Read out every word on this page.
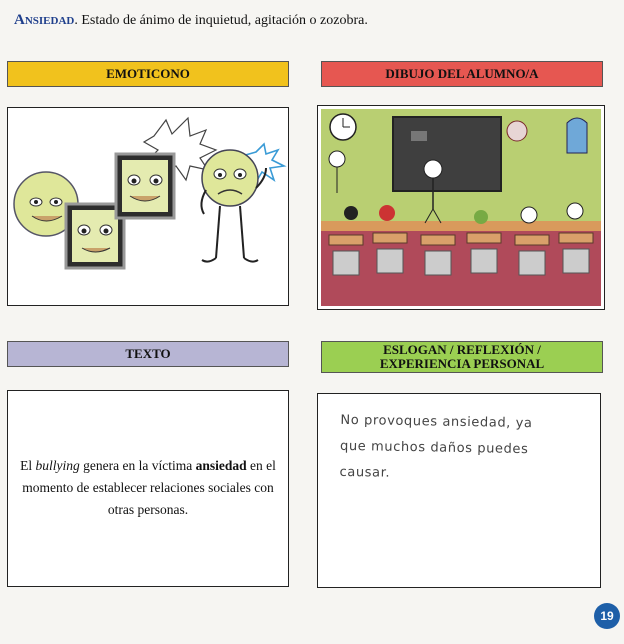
Ansiedad. Estado de ánimo de inquietud, agitación o zozobra.
EMOTICONO	DIBUJO DEL ALUMNO/A
TEXTO	ESLOGAN / REFLEXIÓN /
EXPERIENCIA PERSONAL
El bullying genera en la víctima ansiedad en el momento de establecer relaciones sociales con otras personas.
No provoques ansiedad, ya
que muchos daños puedes
causar.
19
